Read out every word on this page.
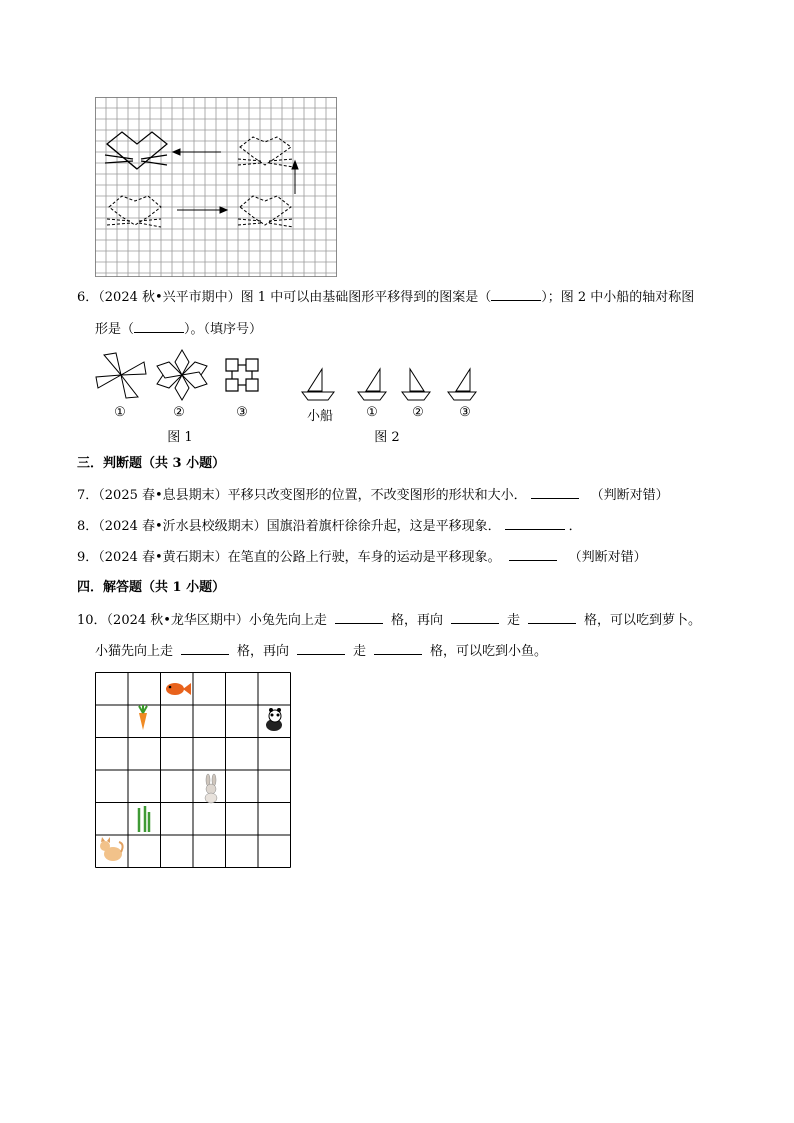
6．（2024 秋•兴平市期中）图 1 中可以由基础图形平移得到的图案是（	）；图 2 中小船的轴对称图
形是（	）。（填序号）
①	②	③
图 1
小船	①	②	③
图 2
三．判断题（共 3 小题）
7．（2025 春•息县期末）平移只改变图形的位置，不改变图形的形状和大小．	（判断对错）
8．（2024 春•沂水县校级期末）国旗沿着旗杆徐徐升起，这是平移现象．	．
9．（2024 春•黄石期末）在笔直的公路上行驶，车身的运动是平移现象。	（判断对错）
四．解答题（共 1 小题）
10．（2024 秋•龙华区期中）小兔先向上走	格，再向	走	格，可以吃到萝卜。
小猫先向上走	格，再向	走	格，可以吃到小鱼。
